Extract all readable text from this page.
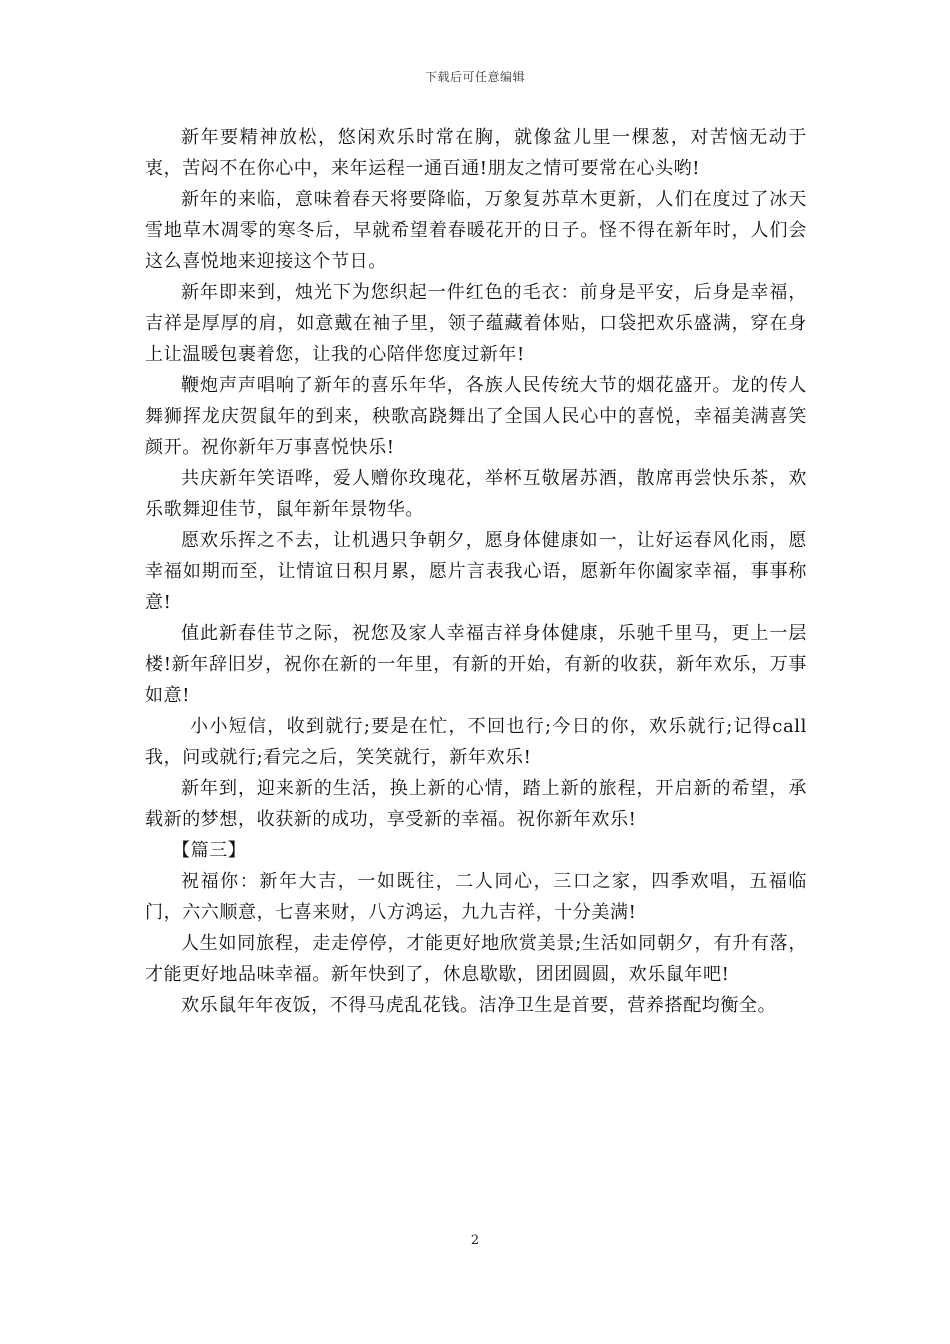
下载后可任意编辑

新年要精神放松，悠闲欢乐时常在胸，就像盆儿里一棵葱，对苦恼无动于衷，苦闷不在你心中，来年运程一通百通!朋友之情可要常在心头哟!

新年的来临，意味着春天将要降临，万象复苏草木更新，人们在度过了冰天雪地草木凋零的寒冬后，早就希望着春暖花开的日子。怪不得在新年时，人们会这么喜悦地来迎接这个节日。

新年即来到，烛光下为您织起一件红色的毛衣：前身是平安，后身是幸福，吉祥是厚厚的肩，如意戴在袖子里，领子蕴藏着体贴，口袋把欢乐盛满，穿在身上让温暖包裹着您，让我的心陪伴您度过新年!

鞭炮声声唱响了新年的喜乐年华，各族人民传统大节的烟花盛开。龙的传人舞狮挥龙庆贺鼠年的到来，秧歌高跷舞出了全国人民心中的喜悦，幸福美满喜笑颜开。祝你新年万事喜悦快乐!

共庆新年笑语哗，爱人赠你玫瑰花，举杯互敬屠苏酒，散席再尝快乐茶，欢乐歌舞迎佳节，鼠年新年景物华。

愿欢乐挥之不去，让机遇只争朝夕，愿身体健康如一，让好运春风化雨，愿幸福如期而至，让情谊日积月累，愿片言表我心语，愿新年你阖家幸福，事事称意!

值此新春佳节之际，祝您及家人幸福吉祥身体健康，乐驰千里马，更上一层楼!新年辞旧岁，祝你在新的一年里，有新的开始，有新的收获，新年欢乐，万事如意!

小小短信，收到就行;要是在忙，不回也行;今日的你，欢乐就行;记得call我，问或就行;看完之后，笑笑就行，新年欢乐!

新年到，迎来新的生活，换上新的心情，踏上新的旅程，开启新的希望，承载新的梦想，收获新的成功，享受新的幸福。祝你新年欢乐!

【篇三】

祝福你：新年大吉，一如既往，二人同心，三口之家，四季欢唱，五福临门，六六顺意，七喜来财，八方鸿运，九九吉祥，十分美满!

人生如同旅程，走走停停，才能更好地欣赏美景;生活如同朝夕，有升有落，才能更好地品味幸福。新年快到了，休息歇歇，团团圆圆，欢乐鼠年吧!

欢乐鼠年年夜饭，不得马虎乱花钱。洁净卫生是首要，营养搭配均衡全。

2
